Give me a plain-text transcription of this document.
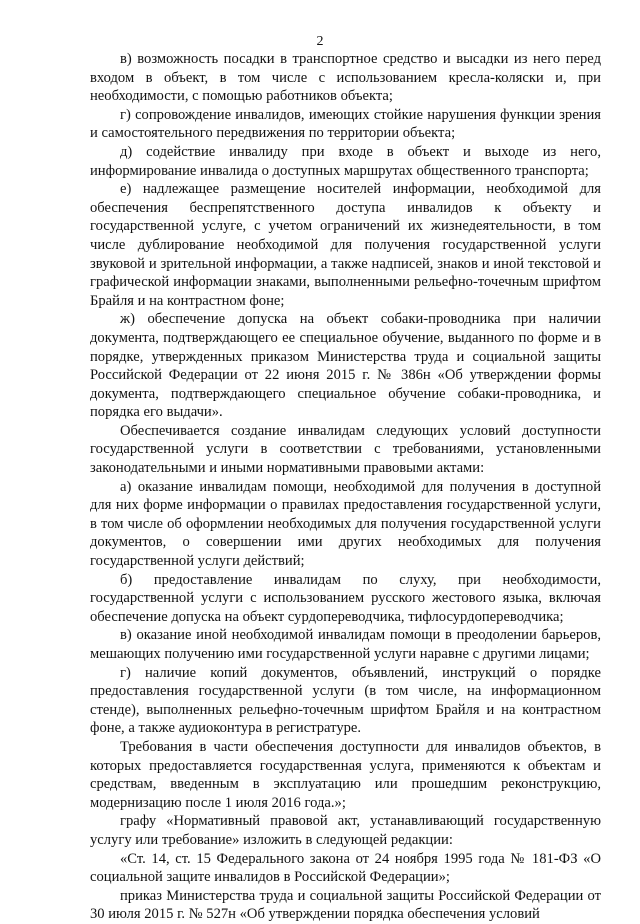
2

в) возможность посадки в транспортное средство и высадки из него перед входом в объект, в том числе с использованием кресла-коляски и, при необходимости, с помощью работников объекта;

г) сопровождение инвалидов, имеющих стойкие нарушения функции зрения и самостоятельного передвижения по территории объекта;

д) содействие инвалиду при входе в объект и выходе из него, информирование инвалида о доступных маршрутах общественного транспорта;

е) надлежащее размещение носителей информации, необходимой для обеспечения беспрепятственного доступа инвалидов к объекту и государственной услуге, с учетом ограничений их жизнедеятельности, в том числе дублирование необходимой для получения государственной услуги звуковой и зрительной информации, а также надписей, знаков и иной текстовой и графической информации знаками, выполненными рельефно-точечным шрифтом Брайля и на контрастном фоне;

ж) обеспечение допуска на объект собаки-проводника при наличии документа, подтверждающего ее специальное обучение, выданного по форме и в порядке, утвержденных приказом Министерства труда и социальной защиты Российской Федерации от 22 июня 2015 г. № 386н «Об утверждении формы документа, подтверждающего специальное обучение собаки-проводника, и порядка его выдачи».

Обеспечивается создание инвалидам следующих условий доступности государственной услуги в соответствии с требованиями, установленными законодательными и иными нормативными правовыми актами:

а) оказание инвалидам помощи, необходимой для получения в доступной для них форме информации о правилах предоставления государственной услуги, в том числе об оформлении необходимых для получения государственной услуги документов, о совершении ими других необходимых для получения государственной услуги действий;

б) предоставление инвалидам по слуху, при необходимости, государственной услуги с использованием русского жестового языка, включая обеспечение допуска на объект сурдопереводчика, тифлосурдопереводчика;

в) оказание иной необходимой инвалидам помощи в преодолении барьеров, мешающих получению ими государственной услуги наравне с другими лицами;

г) наличие копий документов, объявлений, инструкций о порядке предоставления государственной услуги (в том числе, на информационном стенде), выполненных рельефно-точечным шрифтом Брайля и на контрастном фоне, а также аудиоконтура в регистратуре.

Требования в части обеспечения доступности для инвалидов объектов, в которых предоставляется государственная услуга, применяются к объектам и средствам, введенным в эксплуатацию или прошедшим реконструкцию, модернизацию после 1 июля 2016 года.»;

графу «Нормативный правовой акт, устанавливающий государственную услугу или требование» изложить в следующей редакции:

«Ст. 14, ст. 15 Федерального закона от 24 ноября 1995 года № 181-ФЗ «О социальной защите инвалидов в Российской Федерации»;

приказ Министерства труда и социальной защиты Российской Федерации от 30 июля 2015 г. № 527н «Об утверждении порядка обеспечения условий
